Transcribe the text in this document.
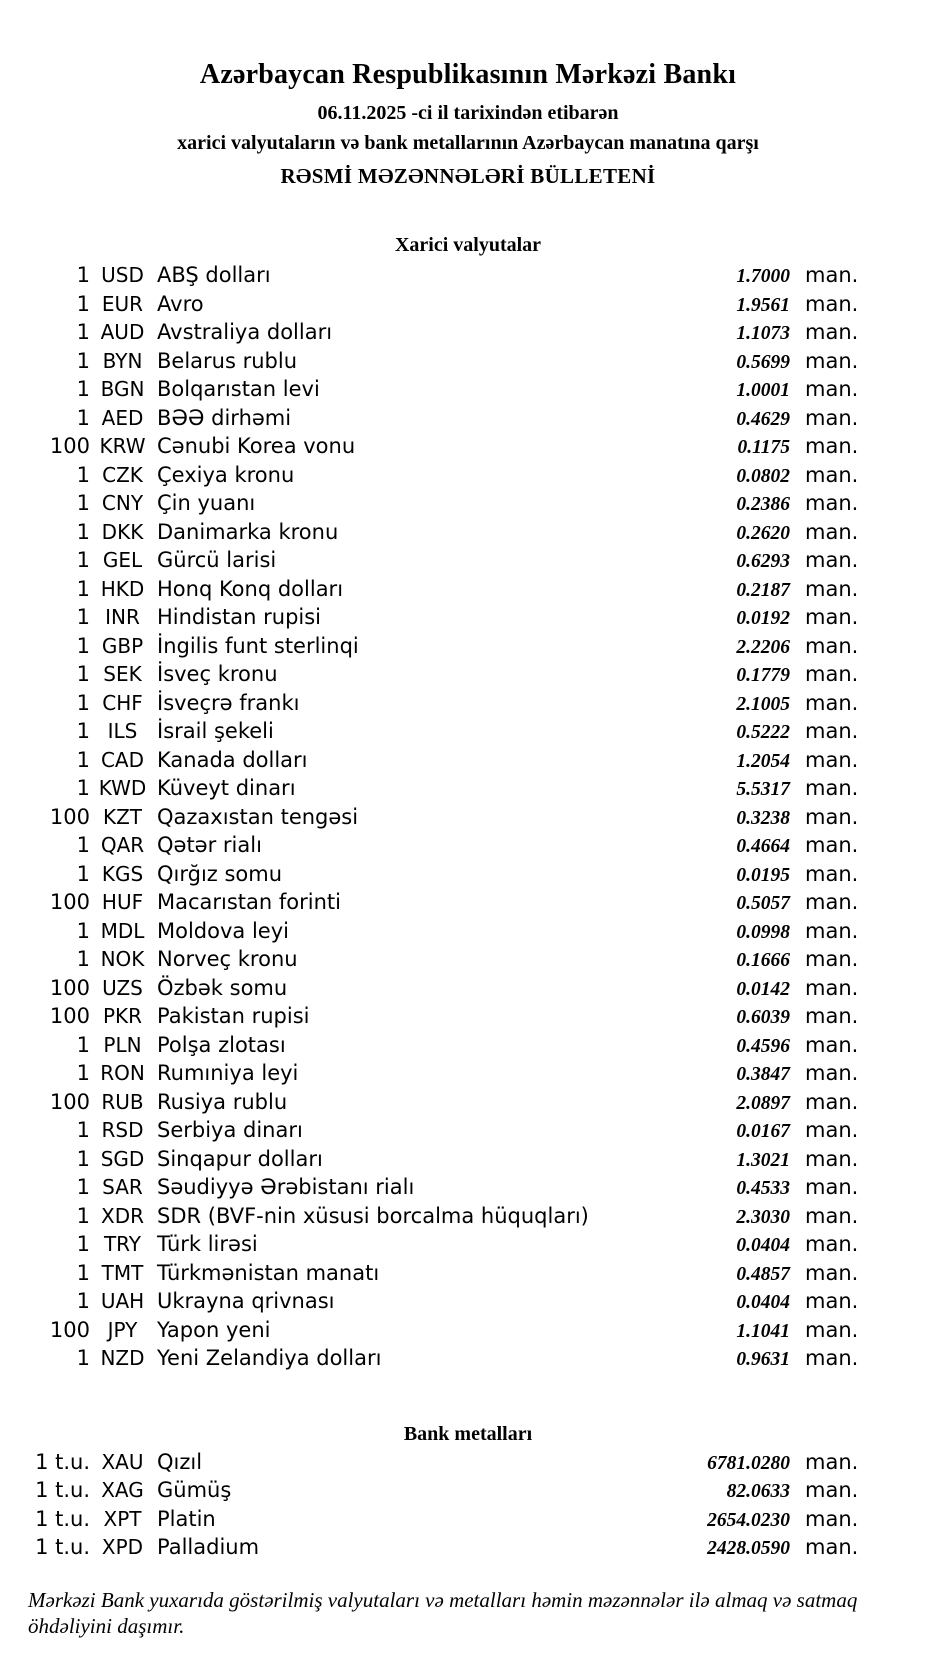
Azərbaycan Respublikasının Mərkəzi Bankı

06.11.2025 -ci il tarixindən etibarən

xarici valyutaların və bank metallarının Azərbaycan manatına qarşı

RƏSMİ MƏZƏNNƏLƏRİ BÜLLETENİ

Xarici valyutalar
1 USD ABŞ dolları	1.7000 man.
1 EUR Avro	1.9561 man.
1 AUD Avstraliya dolları	1.1073 man.
1 BYN Belarus rublu	0.5699 man.
1 BGN Bolqarıstan levi	1.0001 man.
1 AED BƏƏ dirhəmi	0.4629 man.
100 KRW Cənubi Korea vonu	0.1175 man.
1 CZK Çexiya kronu	0.0802 man.
1 CNY Çin yuanı	0.2386 man.
1 DKK Danimarka kronu	0.2620 man.
1 GEL Gürcü larisi	0.6293 man.
1 HKD Honq Konq dolları	0.2187 man.
1 INR Hindistan rupisi	0.0192 man.
1 GBP İngilis funt sterlinqi	2.2206 man.
1 SEK İsveç kronu	0.1779 man.
1 CHF İsveçrə frankı	2.1005 man.
1 ILS İsrail şekeli	0.5222 man.
1 CAD Kanada dolları	1.2054 man.
1 KWD Küveyt dinarı	5.5317 man.
100 KZT Qazaxıstan tengəsi	0.3238 man.
1 QAR Qətər rialı	0.4664 man.
1 KGS Qırğız somu	0.0195 man.
100 HUF Macarıstan forinti	0.5057 man.
1 MDL Moldova leyi	0.0998 man.
1 NOK Norveç kronu	0.1666 man.
100 UZS Özbək somu	0.0142 man.
100 PKR Pakistan rupisi	0.6039 man.
1 PLN Polşa zlotası	0.4596 man.
1 RON Rumıniya leyi	0.3847 man.
100 RUB Rusiya rublu	2.0897 man.
1 RSD Serbiya dinarı	0.0167 man.
1 SGD Sinqapur dolları	1.3021 man.
1 SAR Səudiyyə Ərəbistanı rialı	0.4533 man.
1 XDR SDR (BVF-nin xüsusi borcalma hüquqları)	2.3030 man.
1 TRY Türk lirəsi	0.0404 man.
1 TMT Türkmənistan manatı	0.4857 man.
1 UAH Ukrayna qrivnası	0.0404 man.
100 JPY Yapon yeni	1.1041 man.
1 NZD Yeni Zelandiya dolları	0.9631 man.
Bank metalları
1 t.u. XAU Qızıl	6781.0280 man.
1 t.u. XAG Gümüş	82.0633 man.
1 t.u. XPT Platin	2654.0230 man.
1 t.u. XPD Palladium	2428.0590 man.

Mərkəzi Bank yuxarıda göstərilmiş valyutaları və metalları həmin məzənnələr ilə almaq və satmaq öhdəliyini daşımır.
